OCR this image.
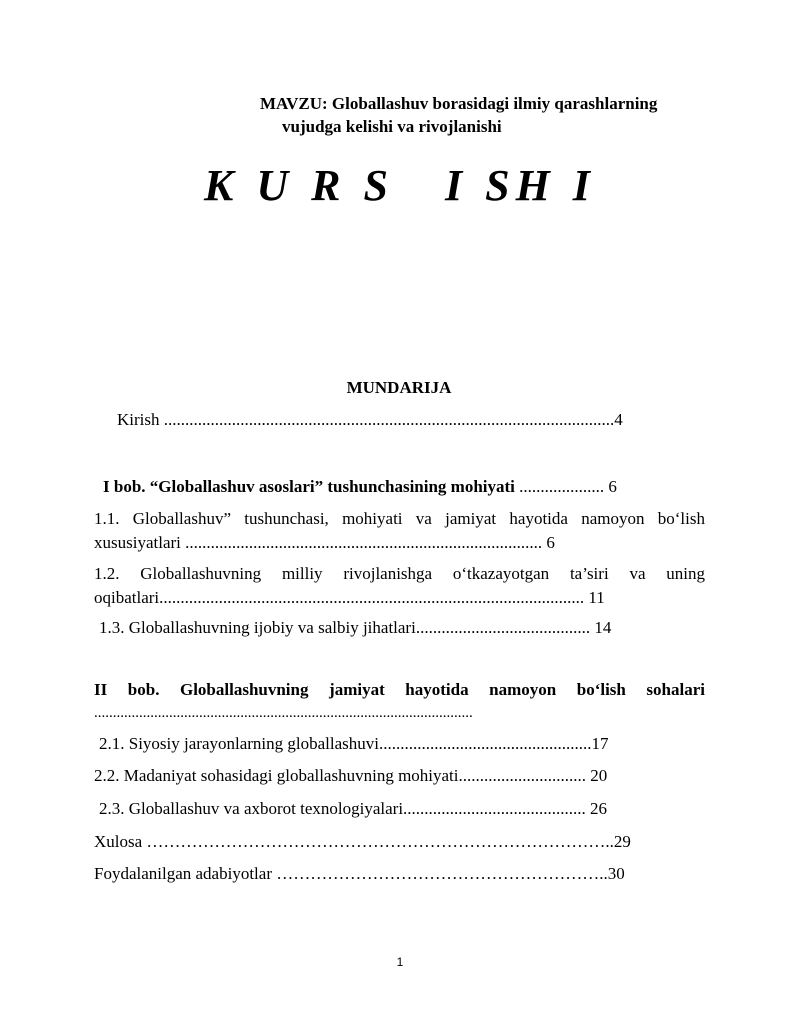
MAVZU: Globallashuv borasidagi ilmiy qarashlarning
vujudga kelishi va rivojlanishi
K U R S   I SH I
MUNDARIJA
Kirish ..........................................................................................................4
I bob. “Globallashuv asoslari” tushunchasining mohiyati .................... 6
1.1. Globallashuv” tushunchasi, mohiyati va jamiyat hayotida namoyon bo‘lish xususiyatlari .................................................................................... 6
1.2. Globallashuvning milliy rivojlanishga o‘tkazayotgan ta’siri va uning oqibatlari.................................................................................................... 11
1.3. Globallashuvning ijobiy va salbiy jihatlari......................................... 14
II bob. Globallashuvning jamiyat hayotida namoyon bo‘lish sohalari
.....................................................................................................
2.1. Siyosiy jarayonlarning globallashuvi..................................................17
2.2. Madaniyat sohasidagi globallashuvning mohiyati.............................. 20
2.3. Globallashuv va axborot texnologiyalari........................................... 26
Xulosa ………………………………………………………………………..29
Foydalanilgan adabiyotlar …………………………………………………..30
1
